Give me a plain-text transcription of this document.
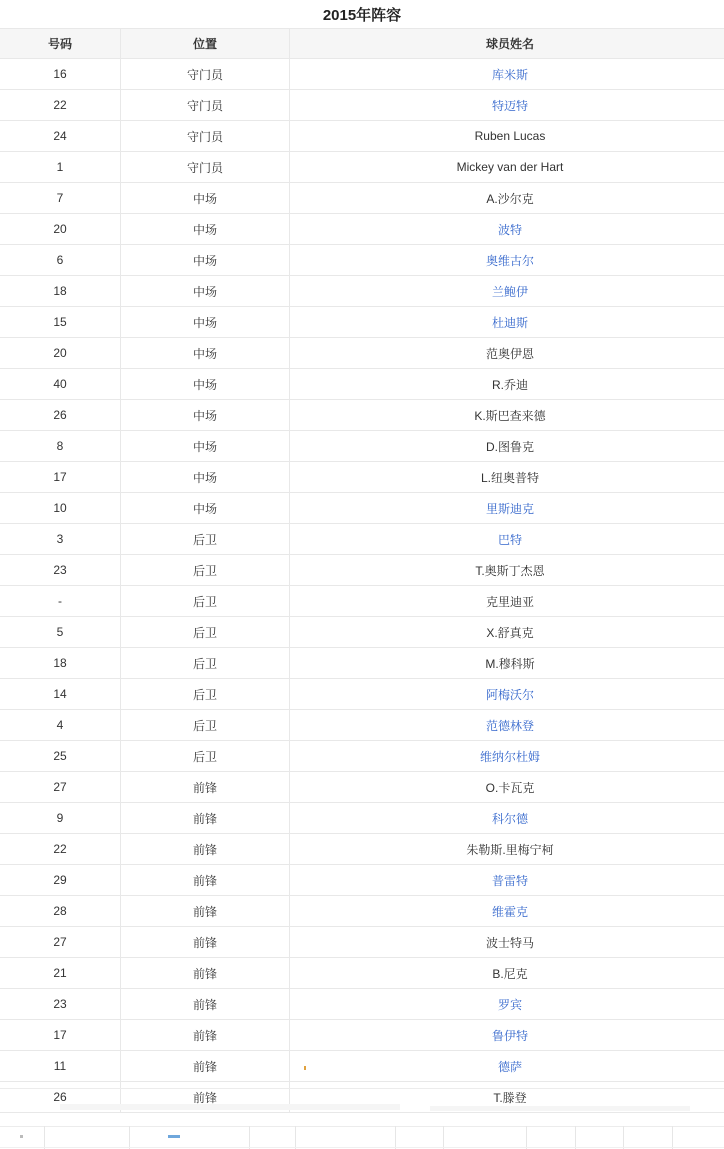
2015年阵容
号码	位置	球员姓名
16	守门员	库米斯
22	守门员	特迈特
24	守门员	Ruben Lucas
1	守门员	Mickey van der Hart
7	中场	A.沙尔克
20	中场	波特
6	中场	奥维古尔
18	中场	兰鲍伊
15	中场	杜迪斯
20	中场	范奥伊恩
40	中场	R.乔迪
26	中场	K.斯巴查来德
8	中场	D.图鲁克
17	中场	L.纽奥普特
10	中场	里斯迪克
3	后卫	巴特
23	后卫	T.奥斯丁杰恩
-	后卫	克里迪亚
5	后卫	X.舒真克
18	后卫	M.穆科斯
14	后卫	阿梅沃尔
4	后卫	范德林登
25	后卫	维纳尔杜姆
27	前锋	O.卡瓦克
9	前锋	科尔德
22	前锋	朱勒斯.里梅宁柯
29	前锋	普雷特
28	前锋	维霍克
27	前锋	波士特马
21	前锋	B.尼克
23	前锋	罗宾
17	前锋	鲁伊特
11	前锋	德萨
26	前锋	T.滕登
